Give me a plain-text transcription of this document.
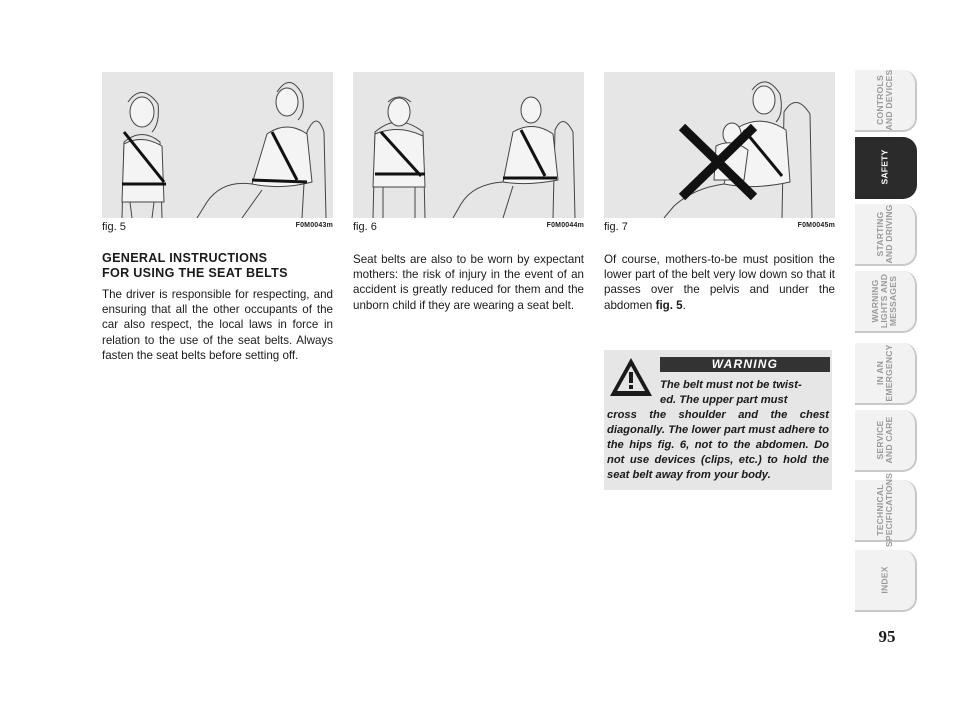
fig. 5	F0M0043m fig. 6	F0M0044m fig. 7	F0M0045m
GENERAL INSTRUCTIONS
FOR USING THE SEAT BELTS
The driver is responsible for respecting, and ensuring that all the other occupants of the car also respect, the local laws in force in relation to the use of the seat belts. Always fasten the seat belts before setting off.
Seat belts are also to be worn by expectant mothers: the risk of injury in the event of an accident is greatly reduced for them and the unborn child if they are wearing a seat belt.
Of course, mothers-to-be must position the lower part of the belt very low down so that it passes over the pelvis and under the abdomen fig. 5.
WARNING
The belt must not be twist-
ed. The upper part must
cross the shoulder and the chest diagonally. The lower part must adhere to the hips fig. 6, not to the abdomen. Do not use devices (clips, etc.) to hold the seat belt away from your body.
CONTROLS
AND DEVICES
SAFETY
STARTING
AND DRIVING
WARNING
LIGHTS AND
MESSAGES
IN AN
EMERGENCY
SERVICE
AND CARE
TECHNICAL
SPECIFICATIONS
INDEX
95
